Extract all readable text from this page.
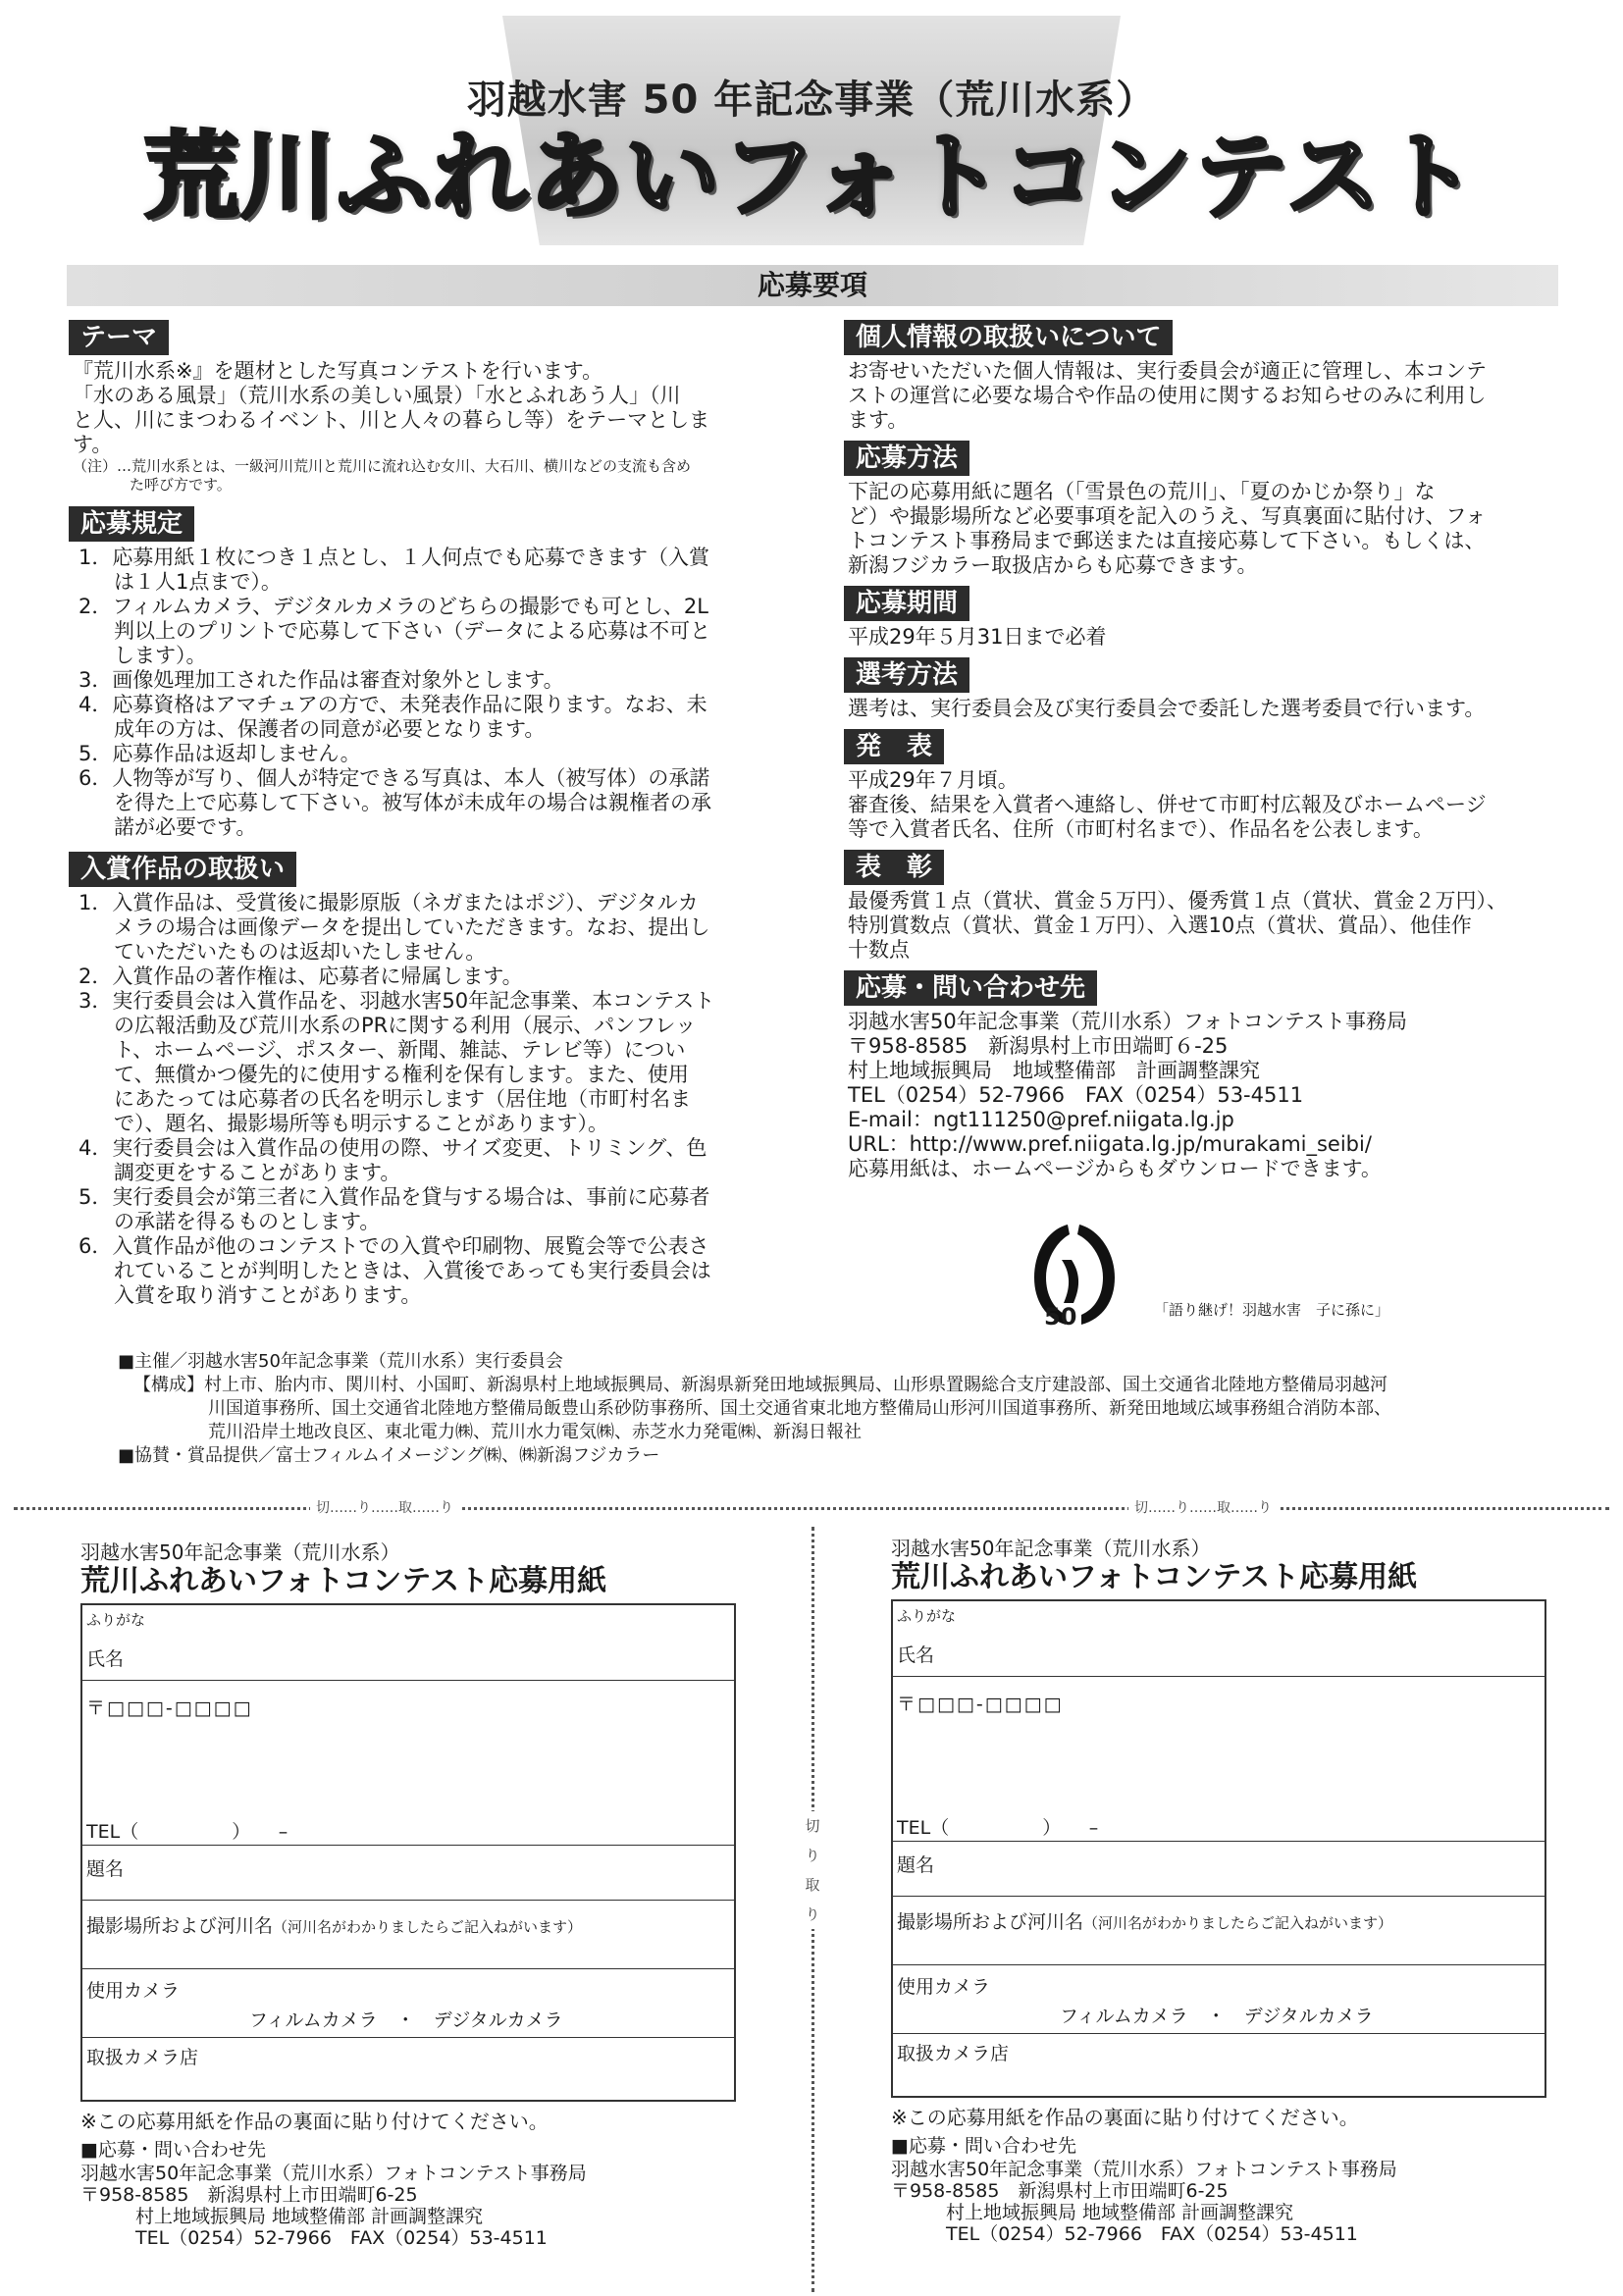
羽越水害 50 年記念事業（荒川水系）
荒川ふれあいフォトコンテスト
応募要項
テーマ
『荒川水系※』を題材とした写真コンテストを行います。
「水のある風景」（荒川水系の美しい風景）「水とふれあう人」（川
と人、川にまつわるイベント、川と人々の暮らし等）をテーマとしま
す。
（注）…荒川水系とは、一級河川荒川と荒川に流れ込む女川、大石川、横川などの支流も含め
た呼び方です。
応募規定
1．応募用紙１枚につき１点とし、１人何点でも応募できます（入賞
は１人1点まで）。
2．フィルムカメラ、デジタルカメラのどちらの撮影でも可とし、2L
判以上のプリントで応募して下さい（データによる応募は不可と
します）。
3．画像処理加工された作品は審査対象外とします。
4．応募資格はアマチュアの方で、未発表作品に限ります。なお、未
成年の方は、保護者の同意が必要となります。
5．応募作品は返却しません。
6．人物等が写り、個人が特定できる写真は、本人（被写体）の承諾
を得た上で応募して下さい。被写体が未成年の場合は親権者の承
諾が必要です。
入賞作品の取扱い
1．入賞作品は、受賞後に撮影原版（ネガまたはポジ）、デジタルカ
メラの場合は画像データを提出していただきます。なお、提出し
ていただいたものは返却いたしません。
2．入賞作品の著作権は、応募者に帰属します。
3．実行委員会は入賞作品を、羽越水害50年記念事業、本コンテスト
の広報活動及び荒川水系のPRに関する利用（展示、パンフレッ
ト、ホームページ、ポスター、新聞、雑誌、テレビ等）につい
て、無償かつ優先的に使用する権利を保有します。また、使用
にあたっては応募者の氏名を明示します（居住地（市町村名ま
で）、題名、撮影場所等も明示することがあります）。
4．実行委員会は入賞作品の使用の際、サイズ変更、トリミング、色
調変更をすることがあります。
5．実行委員会が第三者に入賞作品を貸与する場合は、事前に応募者
の承諾を得るものとします。
6．入賞作品が他のコンテストでの入賞や印刷物、展覧会等で公表さ
れていることが判明したときは、入賞後であっても実行委員会は
入賞を取り消すことがあります。
個人情報の取扱いについて
お寄せいただいた個人情報は、実行委員会が適正に管理し、本コンテ
ストの運営に必要な場合や作品の使用に関するお知らせのみに利用し
ます。
応募方法
下記の応募用紙に題名（「雪景色の荒川」、「夏のかじか祭り」な
ど）や撮影場所など必要事項を記入のうえ、写真裏面に貼付け、フォ
トコンテスト事務局まで郵送または直接応募して下さい。もしくは、
新潟フジカラー取扱店からも応募できます。
応募期間
平成29年５月31日まで必着
選考方法
選考は、実行委員会及び実行委員会で委託した選考委員で行います。
発　表
平成29年７月頃。
審査後、結果を入賞者へ連絡し、併せて市町村広報及びホームページ
等で入賞者氏名、住所（市町村名まで）、作品名を公表します。
表　彰
最優秀賞１点（賞状、賞金５万円）、優秀賞１点（賞状、賞金２万円）、
特別賞数点（賞状、賞金１万円）、入選10点（賞状、賞品）、他佳作
十数点
応募・問い合わせ先
羽越水害50年記念事業（荒川水系）フォトコンテスト事務局
〒958-8585　新潟県村上市田端町６-25
村上地域振興局　地域整備部　計画調整課究
TEL（0254）52-7966　FAX（0254）53-4511
E-mail：ngt111250@pref.niigata.lg.jp
URL：http://www.pref.niigata.lg.jp/murakami_seibi/
応募用紙は、ホームページからもダウンロードできます。
50	「語り継げ！羽越水害　子に孫に」
■主催／羽越水害50年記念事業（荒川水系）実行委員会
【構成】村上市、胎内市、関川村、小国町、新潟県村上地域振興局、新潟県新発田地域振興局、山形県置賜総合支庁建設部、国土交通省北陸地方整備局羽越河
川国道事務所、国土交通省北陸地方整備局飯豊山系砂防事務所、国土交通省東北地方整備局山形河川国道事務所、新発田地域広域事務組合消防本部、
荒川沿岸土地改良区、東北電力㈱、荒川水力電気㈱、赤芝水力発電㈱、新潟日報社
■協賛・賞品提供／富士フィルムイメージング㈱、㈱新潟フジカラー
切……り……取……り	切……り……取……り
切
り
取
り
羽越水害50年記念事業（荒川水系）
荒川ふれあいフォトコンテスト応募用紙
ふりがな
氏名
〒□□□-□□□□
TEL（　　　　　）　　–
題名
撮影場所および河川名（河川名がわかりましたらご記入ねがいます）
使用カメラ
フィルムカメラ　・　デジタルカメラ
取扱カメラ店
※この応募用紙を作品の裏面に貼り付けてください。
■応募・問い合わせ先
羽越水害50年記念事業（荒川水系）フォトコンテスト事務局
〒958-8585　新潟県村上市田端町6-25
村上地域振興局 地域整備部 計画調整課究
TEL（0254）52-7966　FAX（0254）53-4511
羽越水害50年記念事業（荒川水系）
荒川ふれあいフォトコンテスト応募用紙
ふりがな
氏名
〒□□□-□□□□
TEL（　　　　　）　　–
題名
撮影場所および河川名（河川名がわかりましたらご記入ねがいます）
使用カメラ
フィルムカメラ　・　デジタルカメラ
取扱カメラ店
※この応募用紙を作品の裏面に貼り付けてください。
■応募・問い合わせ先
羽越水害50年記念事業（荒川水系）フォトコンテスト事務局
〒958-8585　新潟県村上市田端町6-25
村上地域振興局 地域整備部 計画調整課究
TEL（0254）52-7966　FAX（0254）53-4511
